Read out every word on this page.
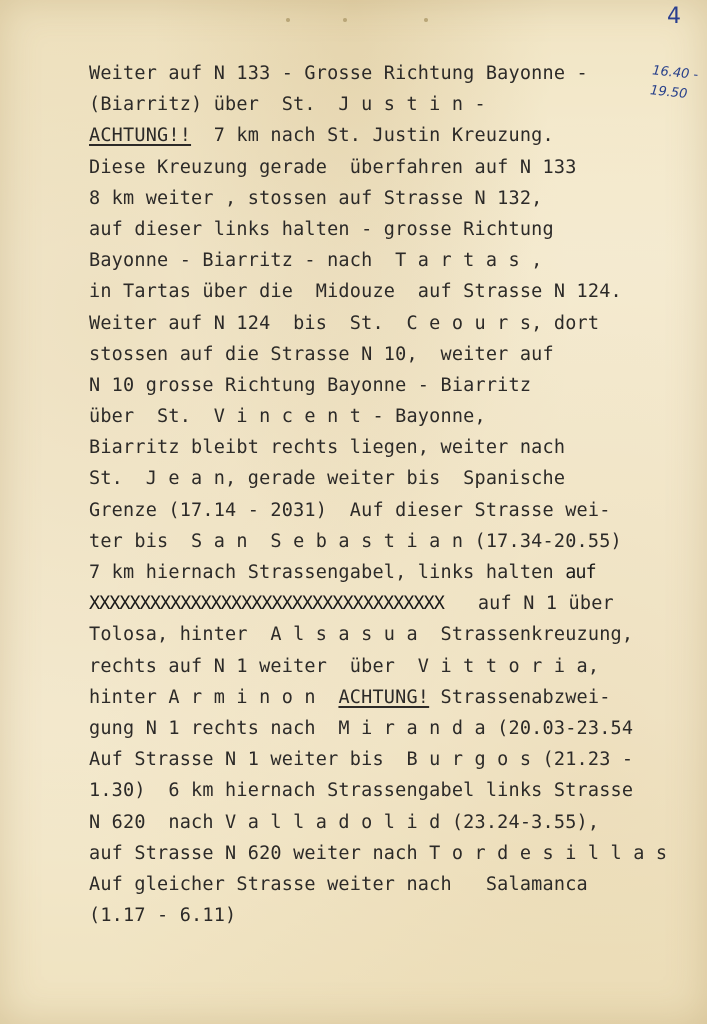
4
16.40 -
19.50
Weiter auf N 133 - Grosse Richtung Bayonne -
(Biarritz) über  St.  J u s t i n -
ACHTUNG!!  7 km nach St. Justin Kreuzung.
Diese Kreuzung gerade  überfahren auf N 133
8 km weiter , stossen auf Strasse N 132,
auf dieser links halten - grosse Richtung
Bayonne - Biarritz - nach  T a r t a s ,
in Tartas über die  Midouze  auf Strasse N 124.
Weiter auf N 124  bis  St.  C e o u r s, dort
stossen auf die Strasse N 10,  weiter auf
N 10 grosse Richtung Bayonne - Biarritz
über  St.  V i n c e n t - Bayonne,
Biarritz bleibt rechts liegen, weiter nach
St.  J e a n, gerade weiter bis  Spanische
Grenze (17.14 - 2031)  Auf dieser Strasse wei-
ter bis  S a n  S e b a s t i a n (17.34-20.55)
7 km hiernach Strassengabel, links halten auf
XXXXXXXXXXXXXXXXXXXXXXXXXXXXXXXXXXX   auf N 1 über
Tolosa, hinter  A l s a s u a  Strassenkreuzung,
rechts auf N 1 weiter  über  V i t t o r i a,
hinter A r m i n o n  ACHTUNG! Strassenabzwei-
gung N 1 rechts nach  M i r a n d a (20.03-23.54
Auf Strasse N 1 weiter bis  B u r g o s (21.23 -
1.30)  6 km hiernach Strassengabel links Strasse
N 620  nach V a l l a d o l i d (23.24-3.55),
auf Strasse N 620 weiter nach T o r d e s i l l a s
Auf gleicher Strasse weiter nach   Salamanca
(1.17 - 6.11)
